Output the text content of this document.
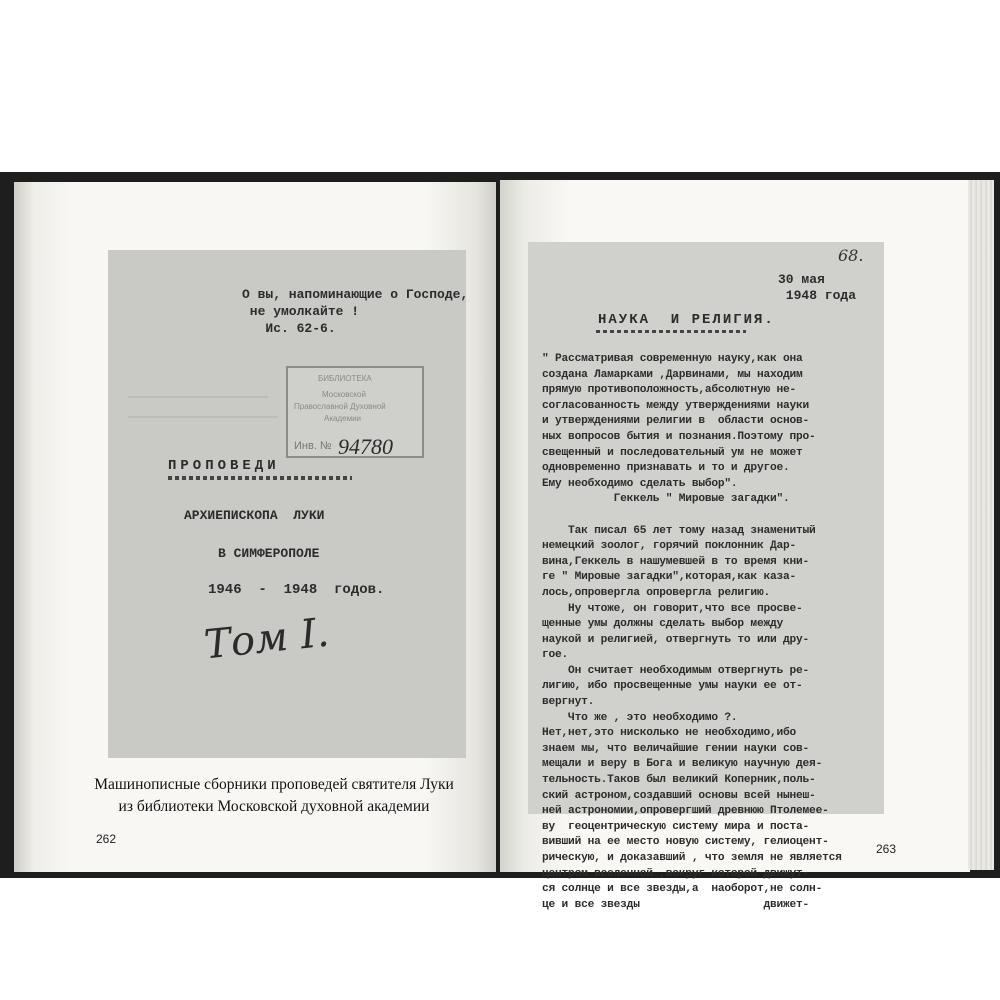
О вы, напоминающие о Господе,
не умолкайте !
Ис. 62-6.
БИБЛИОТЕКА
Московской
Православной Духовной
Академии
Инв. № 94780
ПРОПОВЕДИ
АРХИЕПИСКОПА  ЛУКИ
В СИМФЕРОПОЛЕ
1946  -  1948  годов.
Том I.
Машинописные сборники проповедей святителя Луки
из библиотеки Московской духовной академии
262
68.
30 мая
1948 года
НАУКА  И РЕЛИГИЯ.
" Рассматривая современную науку,как она
создана Ламарками ,Дарвинами, мы находим
прямую противоположность,абсолютную не-
согласованность между утверждениями науки
и утверждениями религии в  области основ-
ных вопросов бытия и познания.Поэтому про-
свещенный и последовательный ум не может
одновременно признавать и то и другое.
Ему необходимо сделать выбор".
Геккель " Мировые загадки".

Так писал 65 лет тому назад знаменитый
немецкий зоолог, горячий поклонник Дар-
вина,Геккель в нашумевшей в то время кни-
ге " Мировые загадки",которая,как каза-
лось,опровергла опровергла религию.
Ну чтоже, он говорит,что все просве-
щенные умы должны сделать выбор между
наукой и религией, отвергнуть то или дру-
гое.
Он считает необходимым отвергнуть ре-
лигию, ибо просвещенные умы науки ее от-
вергнут.
Что же , это необходимо ?.
Нет,нет,это нисколько не необходимо,ибо
знаем мы, что величайшие гении науки сов-
мещали и веру в Бога и великую научную дея-
тельность.Таков был великий Коперник,поль-
ский астроном,создавший основы всей нынеш-
ней астрономии,опровергший древнюю Птолемее-
ву  геоцентрическую систему мира и поста-
вивший на ее место новую систему, гелиоцент-
рическую, и доказавший , что земля не является
центром вселенной ,вокруг которой движут-
ся солнце и все звезды,а  наоборот,не солн-
це и все звезды                   движет-
263
